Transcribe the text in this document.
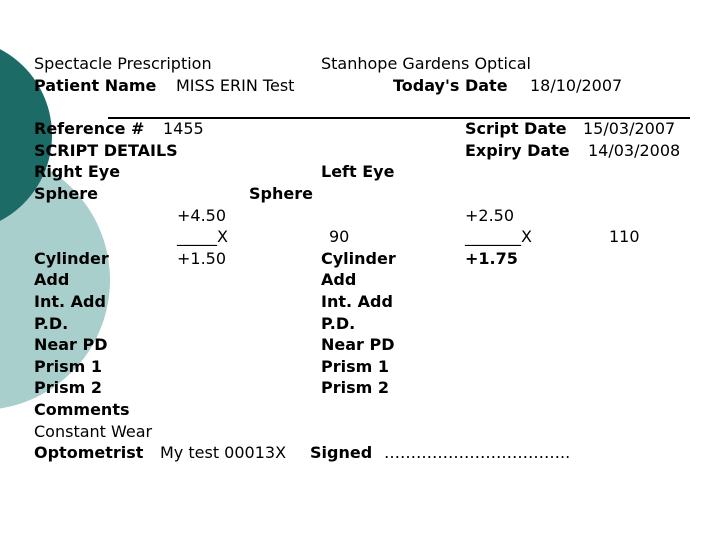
Spectacle Prescription	Stanhope Gardens Optical
Patient Name MISS ERIN Test	Today's Date 18/10/2007
Reference # 1455	Script Date 15/03/2007
SCRIPT DETAILS	Expiry Date 14/03/2008
Right Eye	Left Eye
Sphere	Sphere
+4.50	+2.50
_____X	90	_______X	110
Cylinder	+1.50	Cylinder	+1.75
Add	Add
Int. Add	Int. Add
P.D.	P.D.
Near PD	Near PD
Prism 1	Prism 1
Prism 2	Prism 2
Comments
Constant Wear
Optometrist My test 00013X Signed ……………………………..
